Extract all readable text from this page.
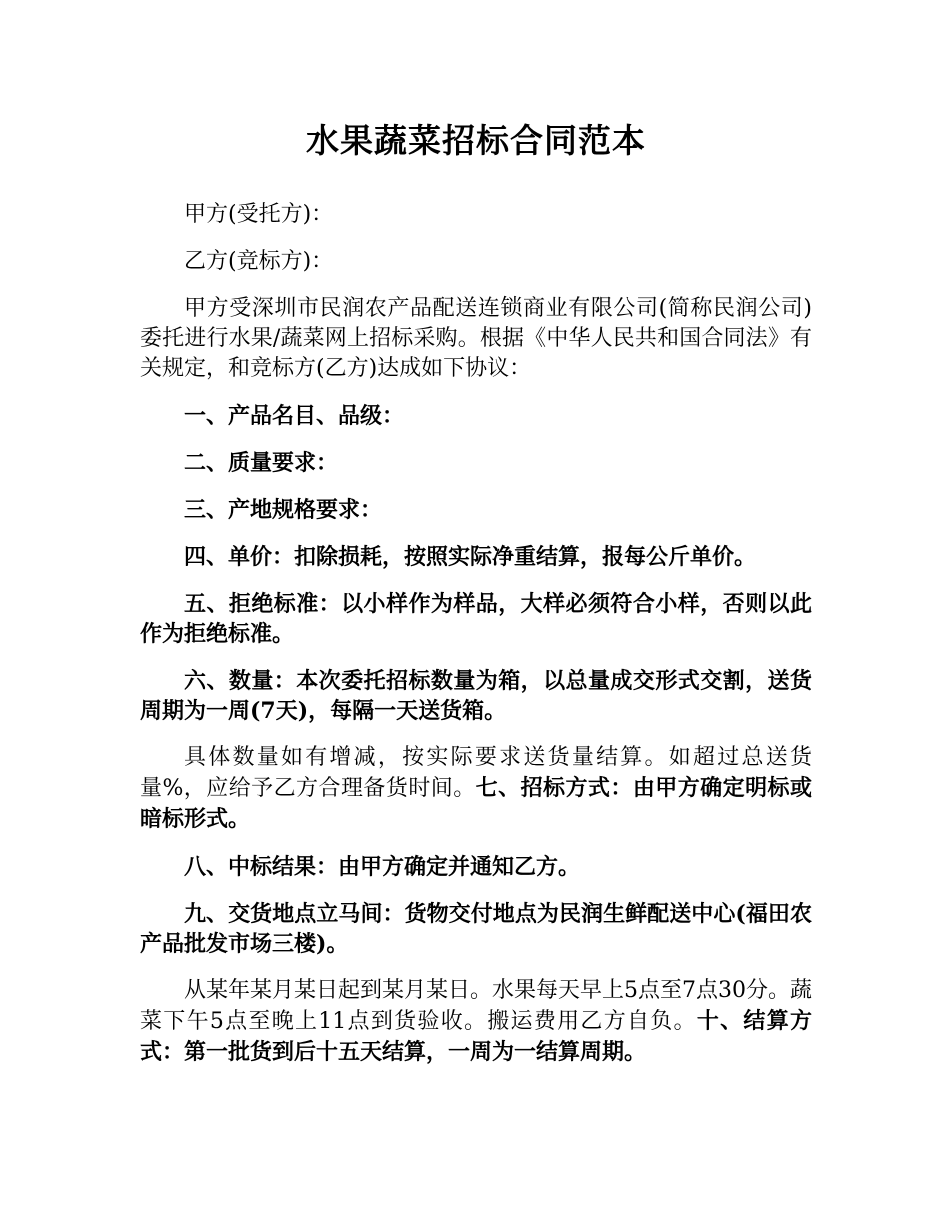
水果蔬菜招标合同范本

甲方(受托方)：

乙方(竞标方)：

甲方受深圳市民润农产品配送连锁商业有限公司(简称民润公司)委托进行水果/蔬菜网上招标采购。根据《中华人民共和国合同法》有关规定，和竞标方(乙方)达成如下协议：

一、产品名目、品级：

二、质量要求：

三、产地规格要求：

四、单价：扣除损耗，按照实际净重结算，报每公斤单价。

五、拒绝标准：以小样作为样品，大样必须符合小样，否则以此作为拒绝标准。

六、数量：本次委托招标数量为箱，以总量成交形式交割，送货周期为一周(7天)，每隔一天送货箱。

具体数量如有增减，按实际要求送货量结算。如超过总送货量%，应给予乙方合理备货时间。七、招标方式：由甲方确定明标或暗标形式。

八、中标结果：由甲方确定并通知乙方。

九、交货地点立马间：货物交付地点为民润生鲜配送中心(福田农产品批发市场三楼)。

从某年某月某日起到某月某日。水果每天早上5点至7点30分。蔬菜下午5点至晚上11点到货验收。搬运费用乙方自负。十、结算方式：第一批货到后十五天结算，一周为一结算周期。
